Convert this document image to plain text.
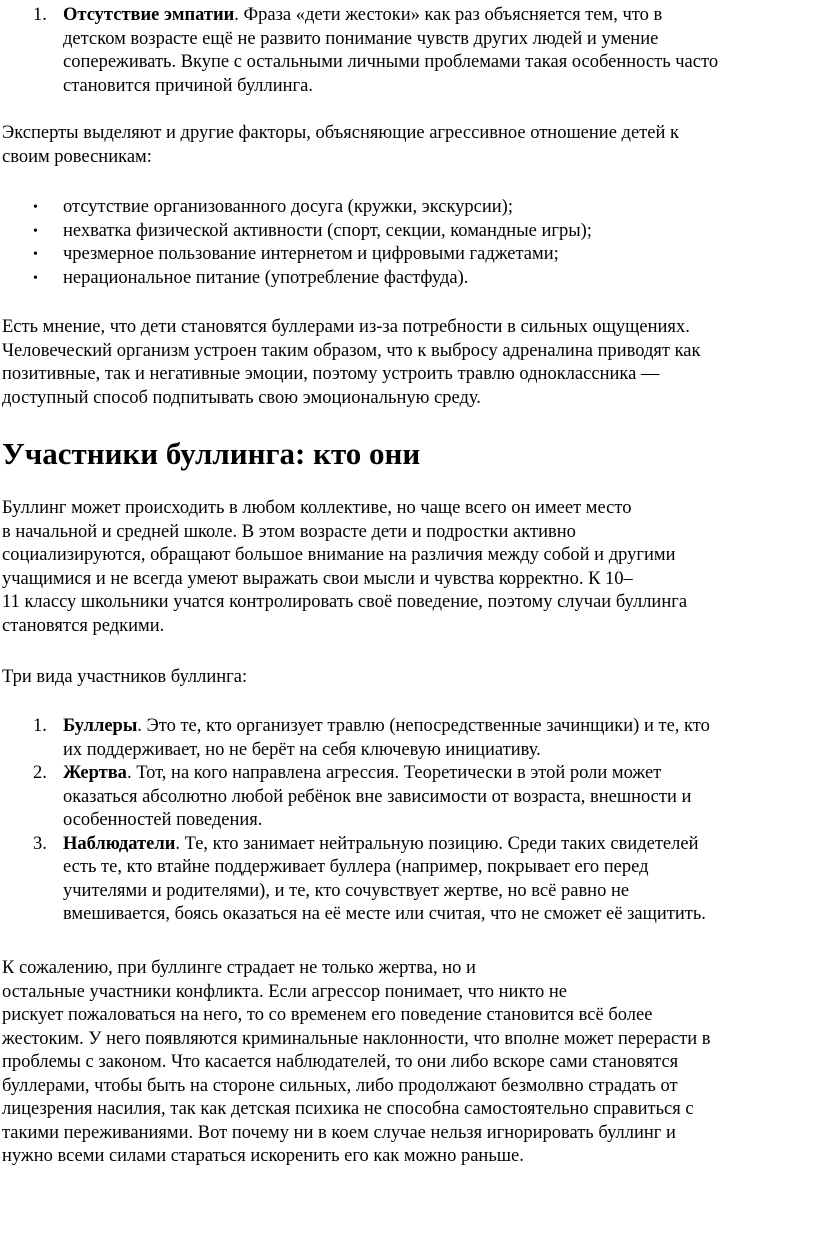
1. Отсутствие эмпатии. Фраза «дети жестоки» как раз объясняется тем, что в
детском возрасте ещё не развито понимание чувств других людей и умение
сопереживать. Вкупе с остальными личными проблемами такая особенность часто
становится причиной буллинга.
Эксперты выделяют и другие факторы, объясняющие агрессивное отношение детей к
своим ровесникам:
• отсутствие организованного досуга (кружки, экскурсии);
• нехватка физической активности (спорт, секции, командные игры);
• чрезмерное пользование интернетом и цифровыми гаджетами;
• нерациональное питание (употребление фастфуда).
Есть мнение, что дети становятся буллерами из-за потребности в сильных ощущениях.
Человеческий организм устроен таким образом, что к выбросу адреналина приводят как
позитивные, так и негативные эмоции, поэтому устроить травлю одноклассника —
доступный способ подпитывать свою эмоциональную среду.
Участники буллинга: кто они
Буллинг может происходить в любом коллективе, но чаще всего он имеет место
в начальной и средней школе. В этом возрасте дети и подростки активно
социализируются, обращают большое внимание на различия между собой и другими
учащимися и не всегда умеют выражать свои мысли и чувства корректно. К 10–
11 классу школьники учатся контролировать своё поведение, поэтому случаи буллинга
становятся редкими.
Три вида участников буллинга:
1. Буллеры. Это те, кто организует травлю (непосредственные зачинщики) и те, кто
их поддерживает, но не берёт на себя ключевую инициативу.
2. Жертва. Тот, на кого направлена агрессия. Теоретически в этой роли может
оказаться абсолютно любой ребёнок вне зависимости от возраста, внешности и
особенностей поведения.
3. Наблюдатели. Те, кто занимает нейтральную позицию. Среди таких свидетелей
есть те, кто втайне поддерживает буллера (например, покрывает его перед
учителями и родителями), и те, кто сочувствует жертве, но всё равно не
вмешивается, боясь оказаться на её месте или считая, что не сможет её защитить.
К сожалению, при буллинге страдает не только жертва, но и
остальные участники конфликта. Если агрессор понимает, что никто не
рискует пожаловаться на него, то со временем его поведение становится всё более
жестоким. У него появляются криминальные наклонности, что вполне может перерасти в
проблемы с законом. Что касается наблюдателей, то они либо вскоре сами становятся
буллерами, чтобы быть на стороне сильных, либо продолжают безмолвно страдать от
лицезрения насилия, так как детская психика не способна самостоятельно справиться с
такими переживаниями. Вот почему ни в коем случае нельзя игнорировать буллинг и
нужно всеми силами стараться искоренить его как можно раньше.
